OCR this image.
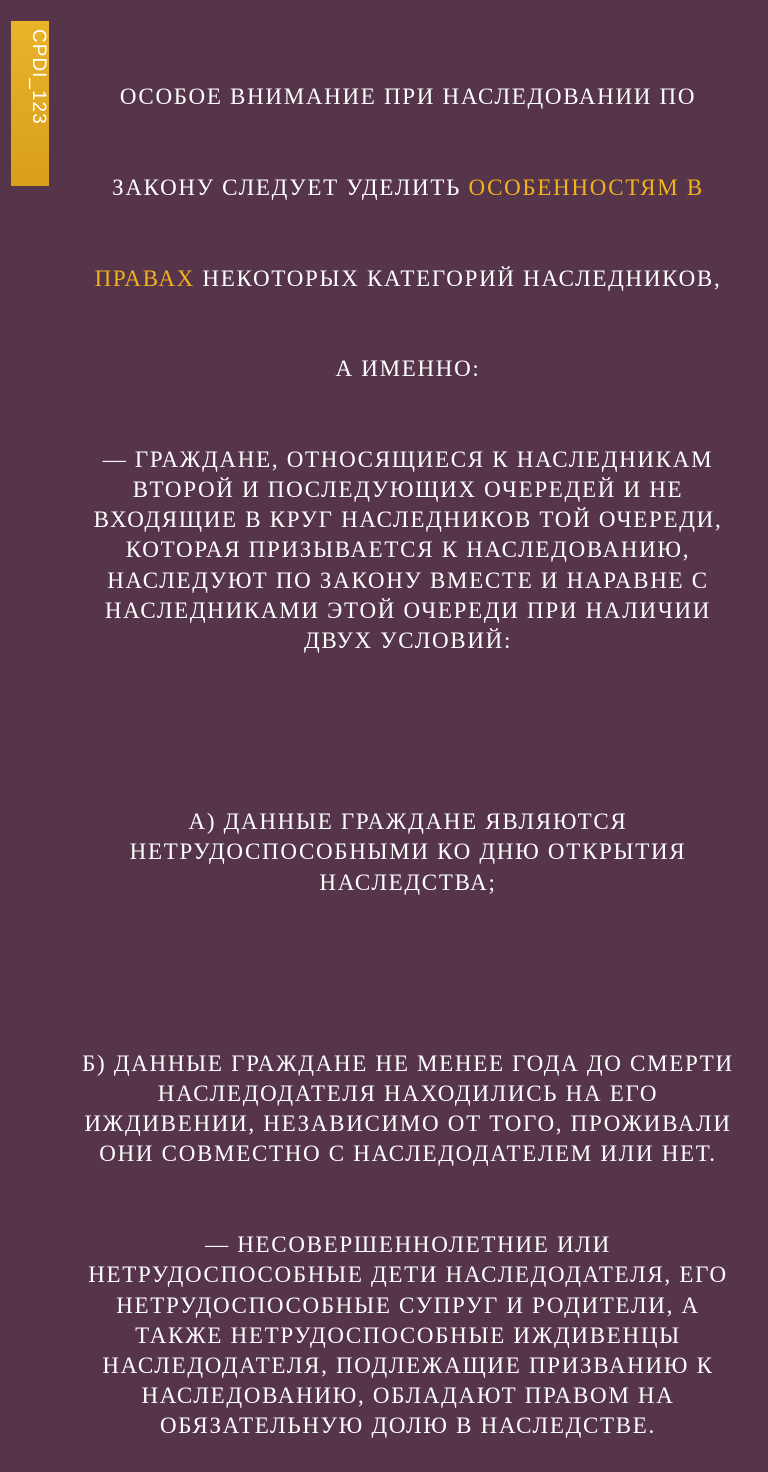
CPDI_123

	ОСОБОЕ ВНИМАНИЕ ПРИ НАСЛЕДОВАНИИ ПО

ЗАКОНУ СЛЕДУЕТ УДЕЛИТЬ ОСОБЕННОСТЯМ В

ПРАВАХ НЕКОТОРЫХ КАТЕГОРИЙ НАСЛЕДНИКОВ,

А ИМЕННО:

— ГРАЖДАНЕ, ОТНОСЯЩИЕСЯ К НАСЛЕДНИКАМ ВТОРОЙ И ПОСЛЕДУЮЩИХ ОЧЕРЕДЕЙ И НЕ ВХОДЯЩИЕ В КРУГ НАСЛЕДНИКОВ ТОЙ ОЧЕРЕДИ, КОТОРАЯ ПРИЗЫВАЕТСЯ К НАСЛЕДОВАНИЮ, НАСЛЕДУЮТ ПО ЗАКОНУ ВМЕСТЕ И НАРАВНЕ С НАСЛЕДНИКАМИ ЭТОЙ ОЧЕРЕДИ ПРИ НАЛИЧИИ ДВУХ УСЛОВИЙ:

А) ДАННЫЕ ГРАЖДАНЕ ЯВЛЯЮТСЯ НЕТРУДОСПОСОБНЫМИ КО ДНЮ ОТКРЫТИЯ НАСЛЕДСТВА;

Б) ДАННЫЕ ГРАЖДАНЕ НЕ МЕНЕЕ ГОДА ДО СМЕРТИ НАСЛЕДОДАТЕЛЯ НАХОДИЛИСЬ НА ЕГО ИЖДИВЕНИИ, НЕЗАВИСИМО ОТ ТОГО, ПРОЖИВАЛИ ОНИ СОВМЕСТНО С НАСЛЕДОДАТЕЛЕМ ИЛИ НЕТ.

— НЕСОВЕРШЕННОЛЕТНИЕ ИЛИ НЕТРУДОСПОСОБНЫЕ ДЕТИ НАСЛЕДОДАТЕЛЯ, ЕГО НЕТРУДОСПОСОБНЫЕ СУПРУГ И РОДИТЕЛИ, А ТАКЖЕ НЕТРУДОСПОСОБНЫЕ ИЖДИВЕНЦЫ НАСЛЕДОДАТЕЛЯ, ПОДЛЕЖАЩИЕ ПРИЗВАНИЮ К НАСЛЕДОВАНИЮ, ОБЛАДАЮТ ПРАВОМ НА ОБЯЗАТЕЛЬНУЮ ДОЛЮ В НАСЛЕДСТВЕ.
